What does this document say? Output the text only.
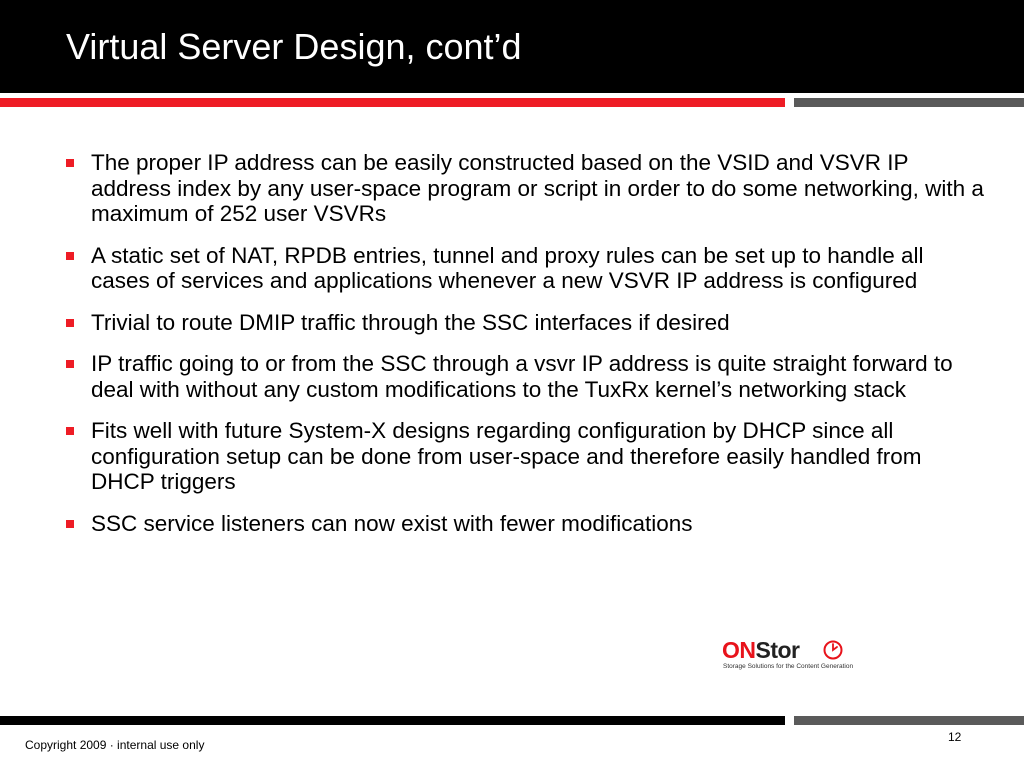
Virtual Server Design, cont’d
The proper IP address can be easily constructed based on the VSID and VSVR IP address index by any user-space program or script in order to do some networking, with a maximum of 252 user VSVRs
A static set of NAT, RPDB entries, tunnel and proxy rules can be set up to handle all cases of services and applications whenever a new VSVR IP address is configured
Trivial to route DMIP traffic through the SSC interfaces if desired
IP traffic going to or from the SSC through a vsvr IP address is quite straight forward to deal with without any custom modifications to the TuxRx kernel’s networking stack
Fits well with future System-X designs regarding configuration by DHCP since all configuration setup can be done from user-space and therefore easily handled from DHCP triggers
SSC service listeners can now exist with fewer modifications
ONStor
Storage Solutions for the Content Generation
Copyright 2009 · internal use only
12
